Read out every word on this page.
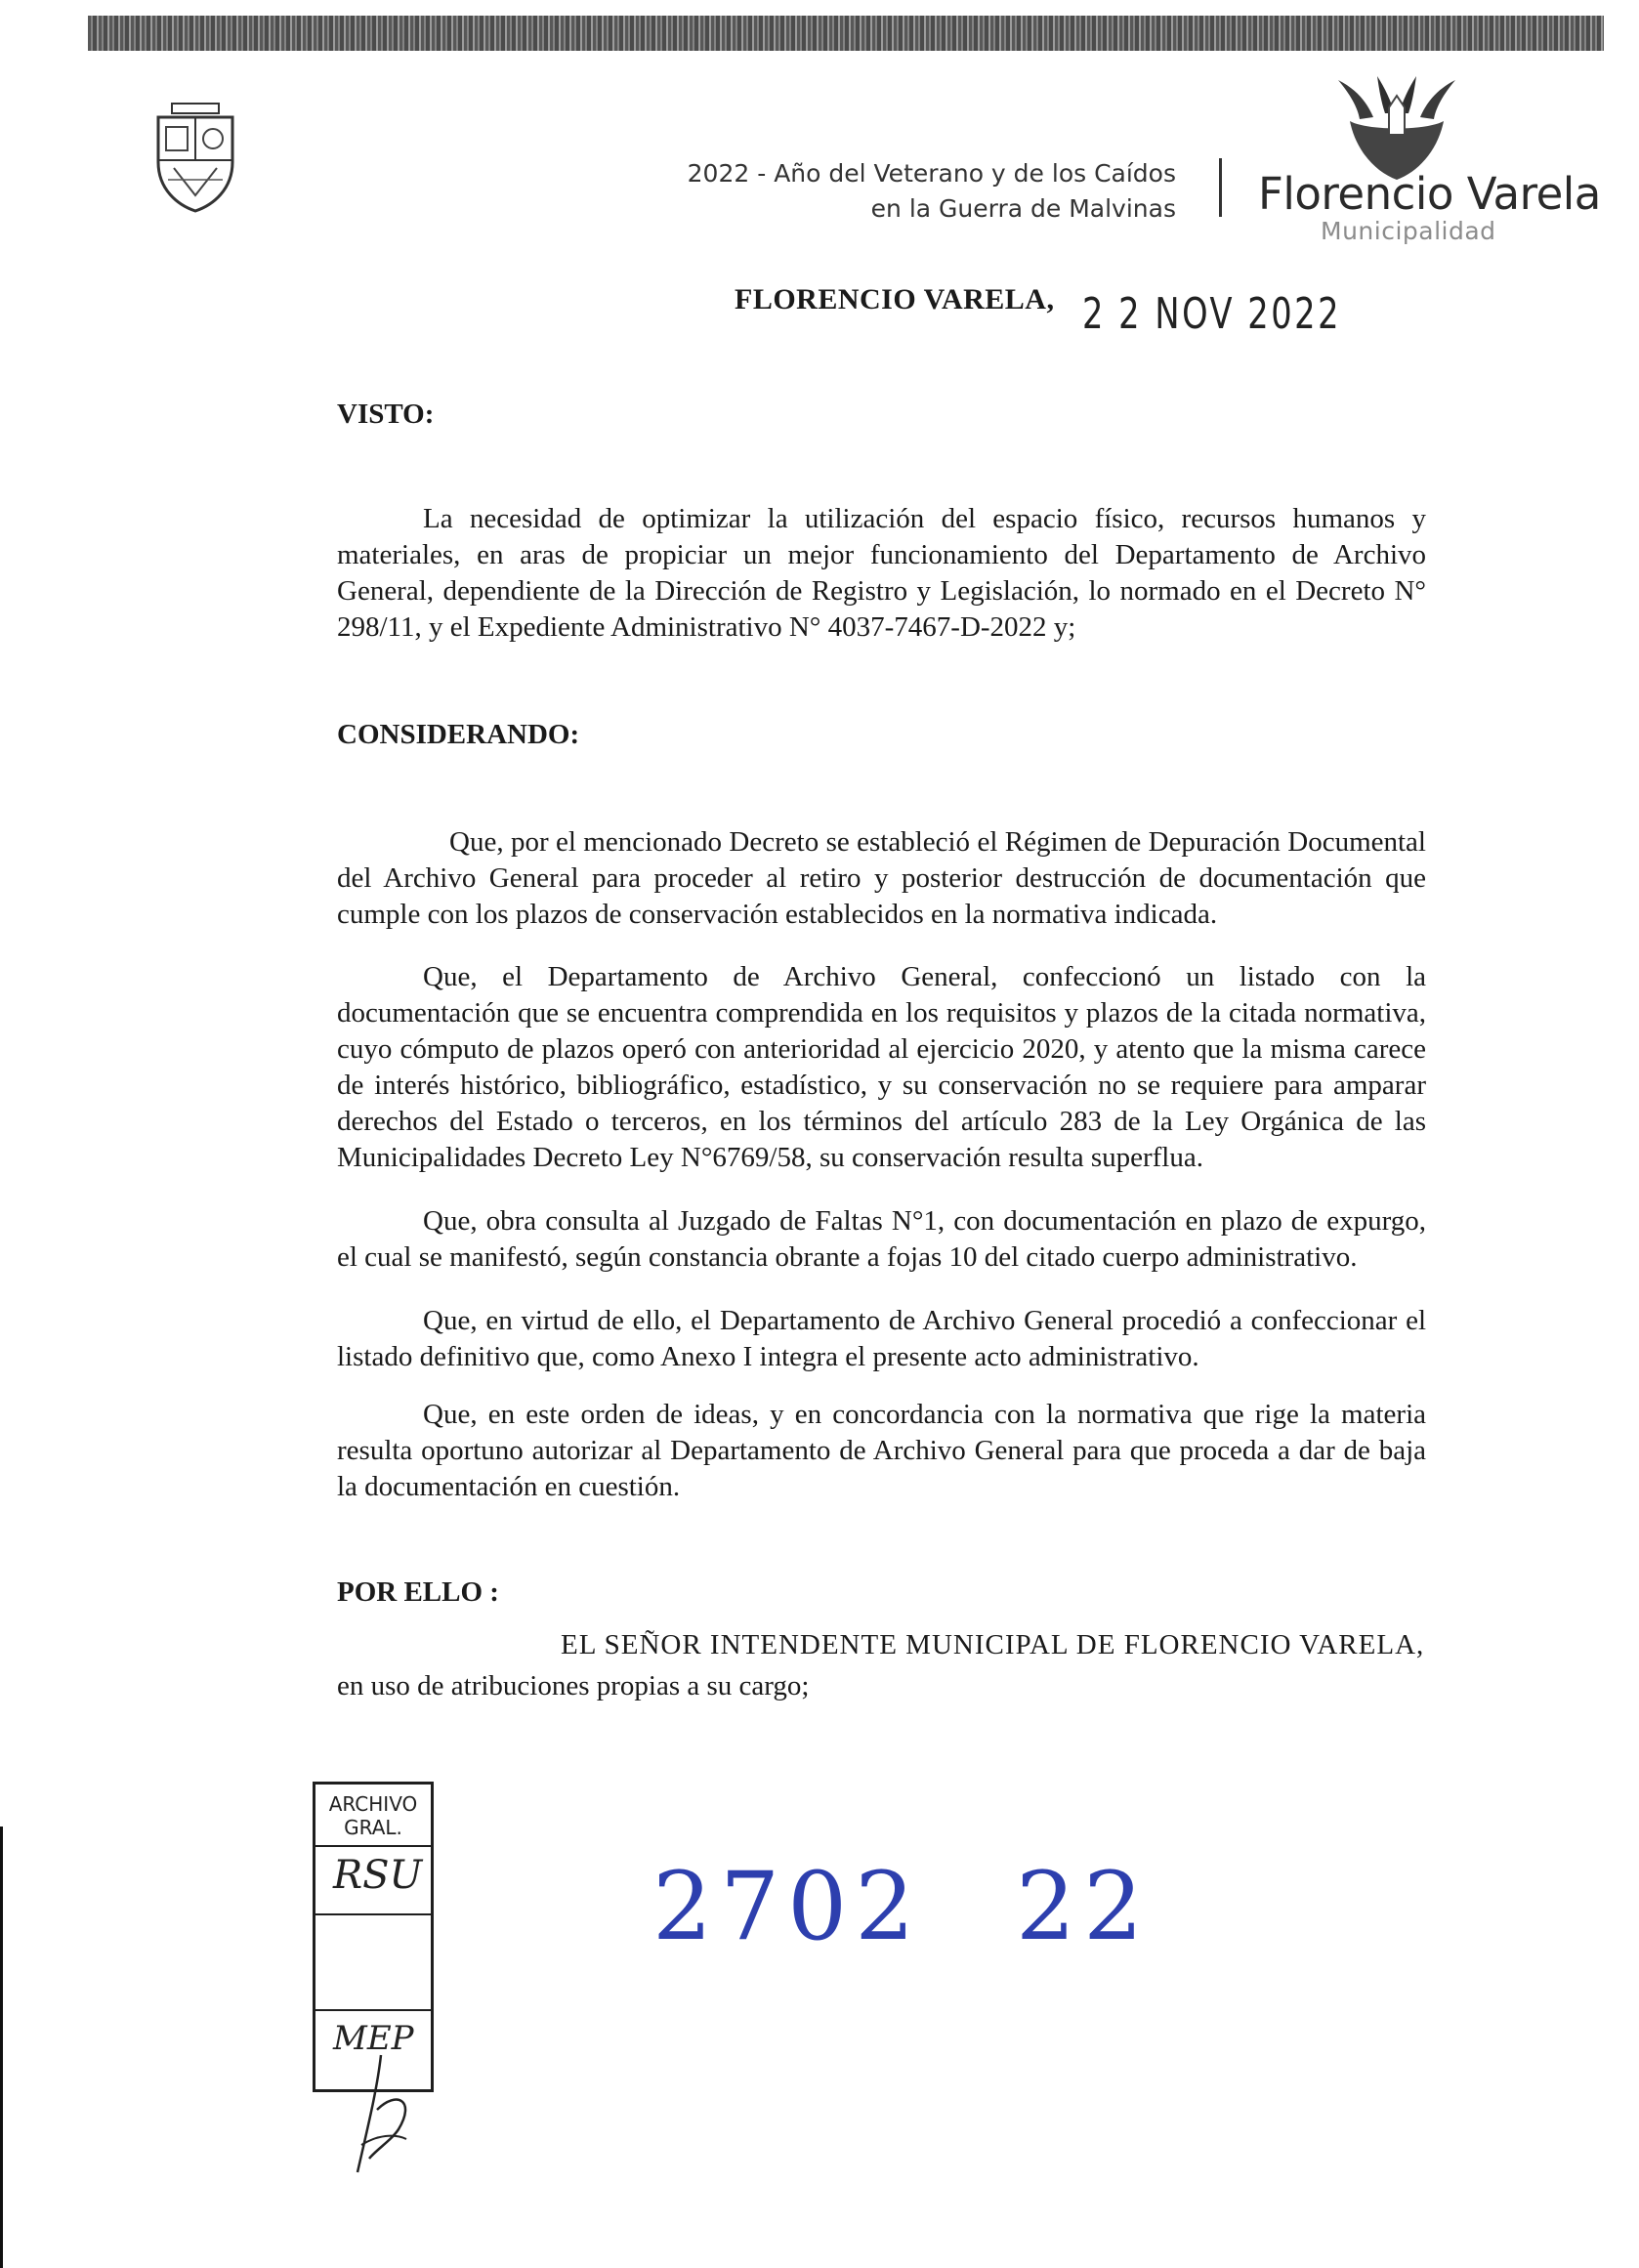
2022 - Año del Veterano y de los Caídos
en la Guerra de Malvinas Florencio Varela
Municipalidad
FLORENCIO VARELA, 2 2 NOV 2022
VISTO:
La necesidad de optimizar la utilización del espacio físico, recursos humanos y materiales, en aras de propiciar un mejor funcionamiento del Departamento de Archivo General, dependiente de la Dirección de Registro y Legislación, lo normado en el Decreto N° 298/11, y el Expediente Administrativo N° 4037-7467-D-2022 y;
CONSIDERANDO:
Que, por el mencionado Decreto se estableció el Régimen de Depuración Documental del Archivo General para proceder al retiro y posterior destrucción de documentación que cumple con los plazos de conservación establecidos en la normativa indicada.
Que, el Departamento de Archivo General, confeccionó un listado con la documentación que se encuentra comprendida en los requisitos y plazos de la citada normativa, cuyo cómputo de plazos operó con anterioridad al ejercicio 2020, y atento que la misma carece de interés histórico, bibliográfico, estadístico, y su conservación no se requiere para amparar derechos del Estado o terceros, en los términos del artículo 283 de la Ley Orgánica de las Municipalidades Decreto Ley N°6769/58, su conservación resulta superflua.
Que, obra consulta al Juzgado de Faltas N°1, con documentación en plazo de expurgo, el cual se manifestó, según constancia obrante a fojas 10 del citado cuerpo administrativo.
Que, en virtud de ello, el Departamento de Archivo General procedió a confeccionar el listado definitivo que, como Anexo I integra el presente acto administrativo.
Que, en este orden de ideas, y en concordancia con la normativa que rige la materia resulta oportuno autorizar al Departamento de Archivo General para que proceda a dar de baja la documentación en cuestión.
POR ELLO :
EL SEÑOR INTENDENTE MUNICIPAL DE FLORENCIO VARELA,
en uso de atribuciones propias a su cargo;
ARCHIVO
GRAL.
RSU
MEP
2702 22
